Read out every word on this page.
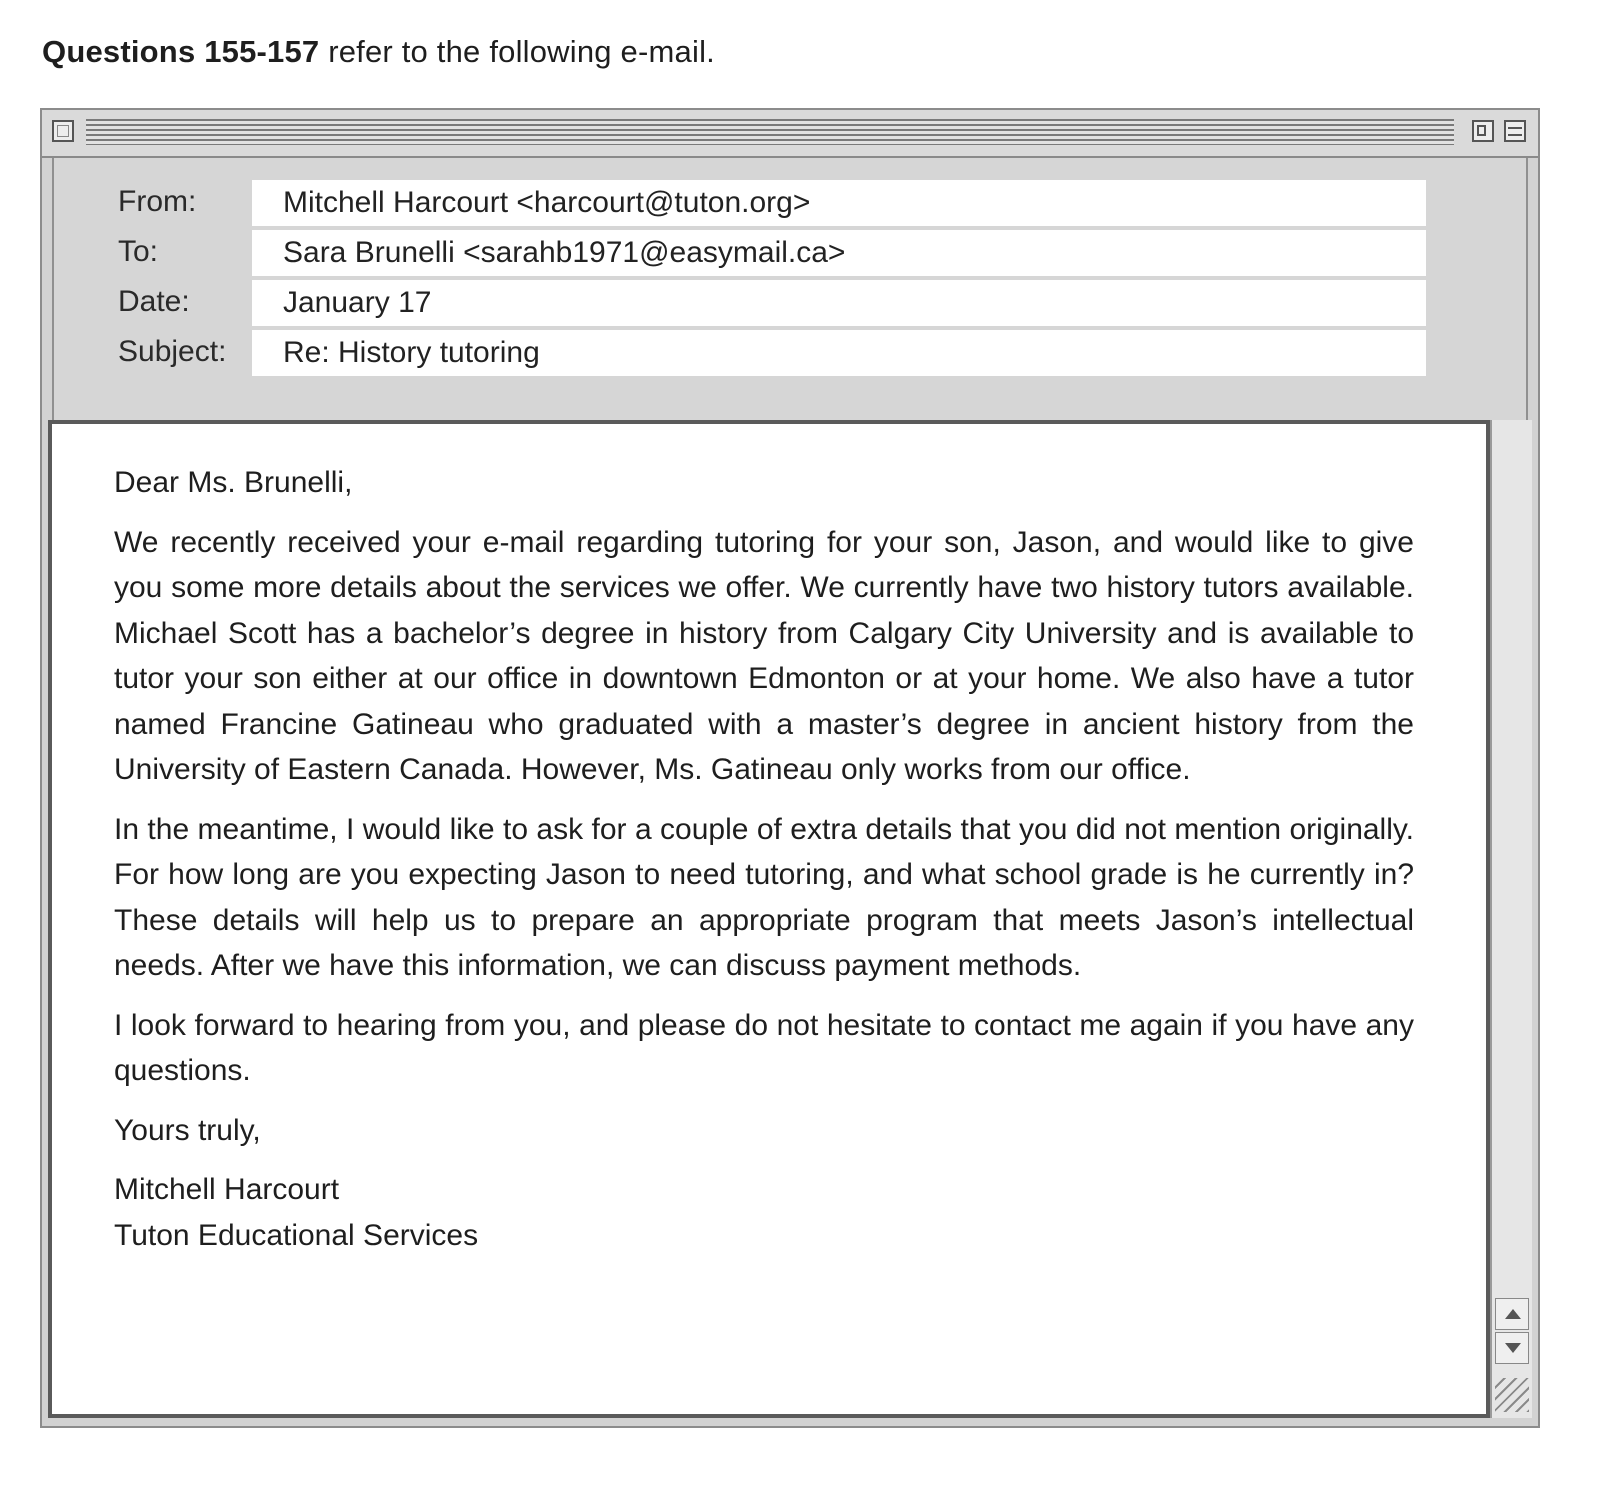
Questions 155-157 refer to the following e-mail.
From:	Mitchell Harcourt <harcourt@tuton.org>
To:	Sara Brunelli <sarahb1971@easymail.ca>
Date:	January 17
Subject:	Re: History tutoring

Dear Ms. Brunelli,

We recently received your e-mail regarding tutoring for your son, Jason, and would like to give you some more details about the services we offer. We currently have two history tutors available. Michael Scott has a bachelor’s degree in history from Calgary City University and is available to tutor your son either at our office in downtown Edmonton or at your home. We also have a tutor named Francine Gatineau who graduated with a master’s degree in ancient history from the University of Eastern Canada. However, Ms. Gatineau only works from our office.

In the meantime, I would like to ask for a couple of extra details that you did not mention originally. For how long are you expecting Jason to need tutoring, and what school grade is he currently in? These details will help us to prepare an appropriate program that meets Jason’s intellectual needs. After we have this information, we can discuss payment methods.

I look forward to hearing from you, and please do not hesitate to contact me again if you have any questions.

Yours truly,

Mitchell Harcourt

Tuton Educational Services
